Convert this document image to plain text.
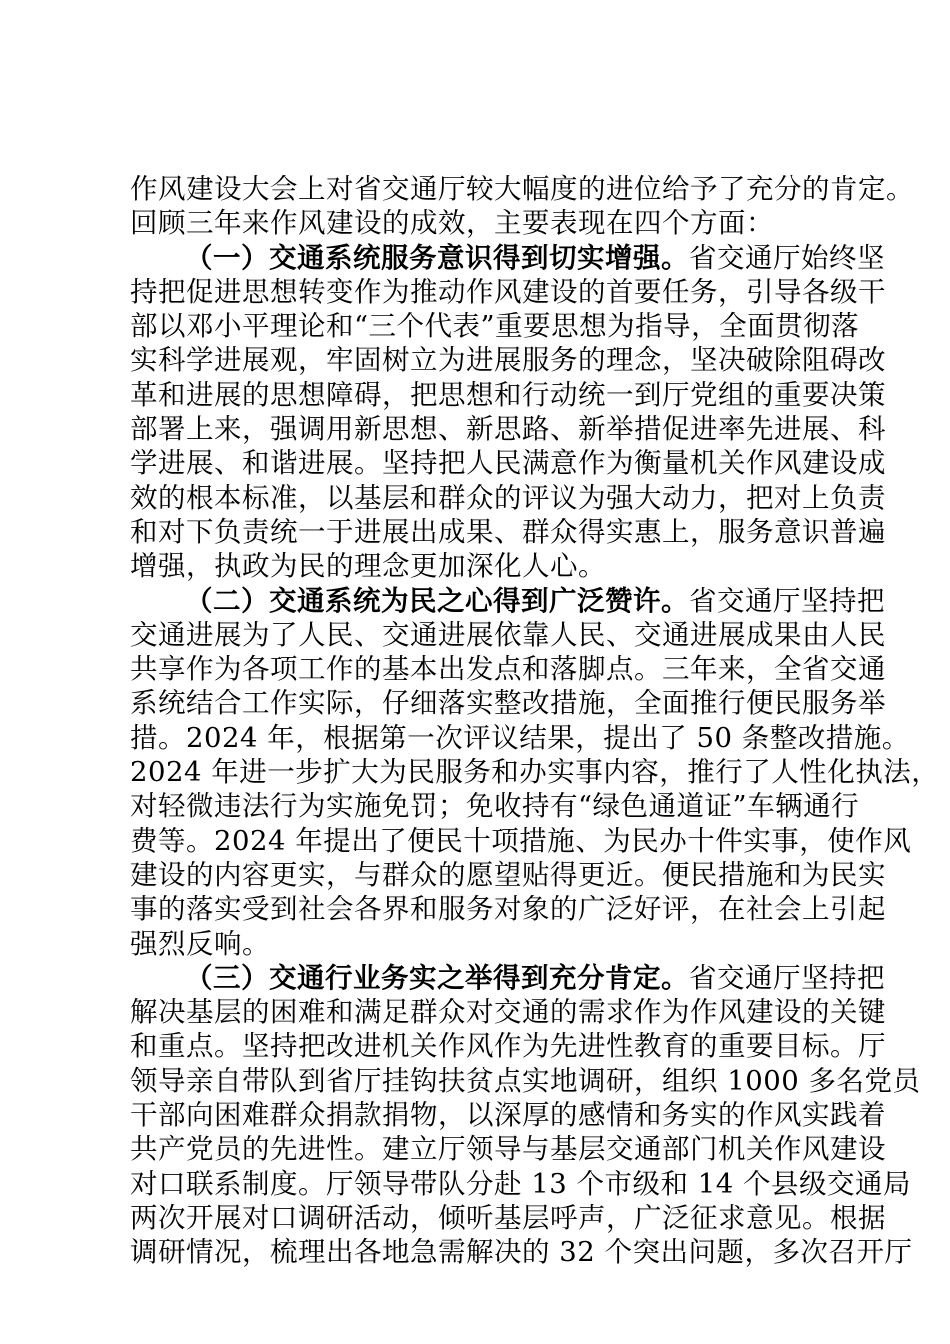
作风建设大会上对省交通厅较大幅度的进位给予了充分的肯定。
回顾三年来作风建设的成效，主要表现在四个方面：
（一）交通系统服务意识得到切实增强。省交通厅始终坚
持把促进思想转变作为推动作风建设的首要任务，引导各级干
部以邓小平理论和“三个代表”重要思想为指导，全面贯彻落
实科学进展观，牢固树立为进展服务的理念，坚决破除阻碍改
革和进展的思想障碍，把思想和行动统一到厅党组的重要决策
部署上来，强调用新思想、新思路、新举措促进率先进展、科
学进展、和谐进展。坚持把人民满意作为衡量机关作风建设成
效的根本标准，以基层和群众的评议为强大动力，把对上负责
和对下负责统一于进展出成果、群众得实惠上，服务意识普遍
增强，执政为民的理念更加深化人心。
（二）交通系统为民之心得到广泛赞许。省交通厅坚持把
交通进展为了人民、交通进展依靠人民、交通进展成果由人民
共享作为各项工作的基本出发点和落脚点。三年来，全省交通
系统结合工作实际，仔细落实整改措施，全面推行便民服务举
措。2024 年，根据第一次评议结果，提出了 50 条整改措施。
2024 年进一步扩大为民服务和办实事内容，推行了人性化执法，
对轻微违法行为实施免罚；免收持有“绿色通道证”车辆通行
费等。2024 年提出了便民十项措施、为民办十件实事，使作风
建设的内容更实，与群众的愿望贴得更近。便民措施和为民实
事的落实受到社会各界和服务对象的广泛好评，在社会上引起
强烈反响。
（三）交通行业务实之举得到充分肯定。省交通厅坚持把
解决基层的困难和满足群众对交通的需求作为作风建设的关键
和重点。坚持把改进机关作风作为先进性教育的重要目标。厅
领导亲自带队到省厅挂钩扶贫点实地调研，组织 1000 多名党员
干部向困难群众捐款捐物，以深厚的感情和务实的作风实践着
共产党员的先进性。建立厅领导与基层交通部门机关作风建设
对口联系制度。厅领导带队分赴 13 个市级和 14 个县级交通局
两次开展对口调研活动，倾听基层呼声，广泛征求意见。根据
调研情况，梳理出各地急需解决的 32 个突出问题，多次召开厅
